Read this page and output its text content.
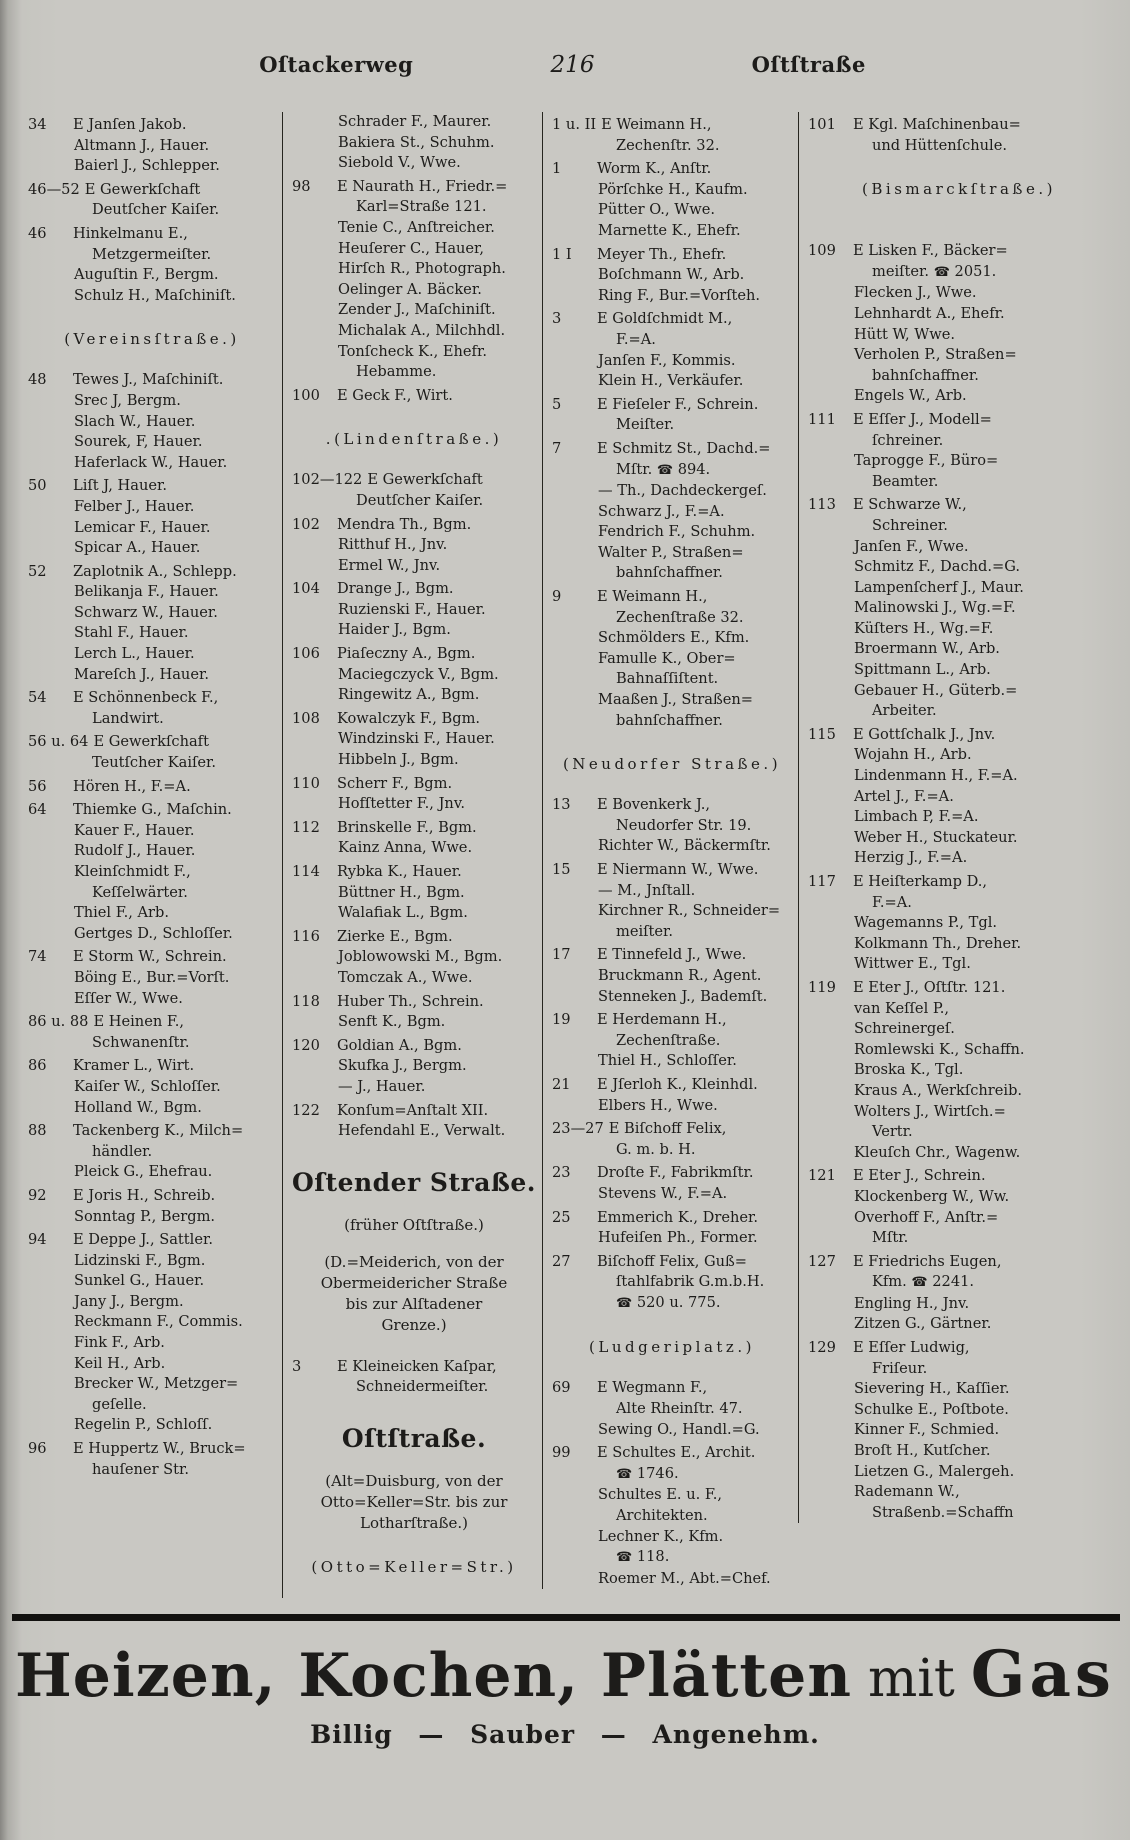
Oſtackerweg	216	Oſtſtraße
34 E Janſen Jakob.
Altmann J., Hauer.
Baierl J., Schlepper.
46—52 E Gewerkſchaft
Deutſcher Kaiſer.
46 Hinkelmanu E.,
Metzgermeiſter.
Auguſtin F., Bergm.
Schulz H., Maſchiniſt.
(Vereinsſtraße.)
48 Tewes J., Maſchiniſt.
Srec J, Bergm.
Slach W., Hauer.
Sourek, F, Hauer.
Haferlack W., Hauer.
50 Liſt J, Hauer.
Felber J., Hauer.
Lemicar F., Hauer.
Spicar A., Hauer.
52 Zaplotnik A., Schlepp.
Belikanja F., Hauer.
Schwarz W., Hauer.
Stahl F., Hauer.
Lerch L., Hauer.
Mareſch J., Hauer.
54 E Schönnenbeck F.,
Landwirt.
56 u. 64 E Gewerkſchaft
Teutſcher Kaiſer.
56 Hören H., F.=A.
64 Thiemke G., Maſchin.
Kauer F., Hauer.
Rudolf J., Hauer.
Kleinſchmidt F.,
Keſſelwärter.
Thiel F., Arb.
Gertges D., Schloſſer.
74 E Storm W., Schrein.
Böing E., Bur.=Vorſt.
Eſſer W., Wwe.
86 u. 88 E Heinen F.,
Schwanenſtr.
86 Kramer L., Wirt.
Kaiſer W., Schloſſer.
Holland W., Bgm.
88 Tackenberg K., Milch=
händler.
Pleick G., Ehefrau.
92 E Joris H., Schreib.
Sonntag P., Bergm.
94 E Deppe J., Sattler.
Lidzinski F., Bgm.
Sunkel G., Hauer.
Jany J., Bergm.
Reckmann F., Commis.
Fink F., Arb.
Keil H., Arb.
Brecker W., Metzger=
geſelle.
Regelin P., Schloſſ.
96 E Huppertz W., Bruck=
hauſener Str.
Schrader F., Maurer.
Bakiera St., Schuhm.
Siebold V., Wwe.
98 E Naurath H., Friedr.=
Karl=Straße 121.
Tenie C., Anſtreicher.
Heuſerer C., Hauer,
Hirſch R., Photograph.
Oelinger A. Bäcker.
Zender J., Maſchiniſt.
Michalak A., Milchhdl.
Tonſcheck K., Ehefr.
Hebamme.
100 E Geck F., Wirt.
.(Lindenſtraße.)
102—122 E Gewerkſchaft
Deutſcher Kaiſer.
102 Mendra Th., Bgm.
Ritthuf H., Jnv.
Ermel W., Jnv.
104 Drange J., Bgm.
Ruzienski F., Hauer.
Haider J., Bgm.
106 Piaſeczny A., Bgm.
Maciegczyck V., Bgm.
Ringewitz A., Bgm.
108 Kowalczyk F., Bgm.
Windzinski F., Hauer.
Hibbeln J., Bgm.
110 Scherr F., Bgm.
Hofſtetter F., Jnv.
112 Brinskelle F., Bgm.
Kainz Anna, Wwe.
114 Rybka K., Hauer.
Büttner H., Bgm.
Walafiak L., Bgm.
116 Zierke E., Bgm.
Joblowowski M., Bgm.
Tomczak A., Wwe.
118 Huber Th., Schrein.
Senft K., Bgm.
120 Goldian A., Bgm.
Skufka J., Bergm.
— J., Hauer.
122 Konſum=Anſtalt XII.
Hefendahl E., Verwalt.
Oſtender Straße.
(früher Oſtſtraße.)
(D.=Meiderich, von der
Obermeidericher Straße
bis zur Alſtadener
Grenze.)
3 E Kleineicken Kaſpar,
Schneidermeiſter.
Oſtſtraße.
(Alt=Duisburg, von der
Otto=Keller=Str. bis zur
Lotharſtraße.)
(Otto=Keller=Str.)
1 u. II E Weimann H.,
Zechenſtr. 32.
1 Worm K., Anſtr.
Pörſchke H., Kaufm.
Pütter O., Wwe.
Marnette K., Ehefr.
1 I Meyer Th., Ehefr.
Boſchmann W., Arb.
Ring F., Bur.=Vorſteh.
3 E Goldſchmidt M.,
F.=A.
Janſen F., Kommis.
Klein H., Verkäufer.
5 E Fieſeler F., Schrein.
Meiſter.
7 E Schmitz St., Dachd.=
Mſtr. ☎ 894.
— Th., Dachdeckergeſ.
Schwarz J., F.=A.
Fendrich F., Schuhm.
Walter P., Straßen=
bahnſchaffner.
9 E Weimann H.,
Zechenſtraße 32.
Schmölders E., Kfm.
Famulle K., Ober=
Bahnaſſiſtent.
Maaßen J., Straßen=
bahnſchaffner.
(Neudorfer Straße.)
13 E Bovenkerk J.,
Neudorfer Str. 19.
Richter W., Bäckermſtr.
15 E Niermann W., Wwe.
— M., Jnſtall.
Kirchner R., Schneider=
meiſter.
17 E Tinnefeld J., Wwe.
Bruckmann R., Agent.
Stenneken J., Bademſt.
19 E Herdemann H.,
Zechenſtraße.
Thiel H., Schloſſer.
21 E Jſerloh K., Kleinhdl.
Elbers H., Wwe.
23—27 E Biſchoff Felix,
G. m. b. H.
23 Droſte F., Fabrikmſtr.
Stevens W., F.=A.
25 Emmerich K., Dreher.
Hufeiſen Ph., Former.
27 Biſchoff Felix, Guß=
ſtahlfabrik G.m.b.H.
☎ 520 u. 775.
(Ludgeriplatz.)
69 E Wegmann F.,
Alte Rheinſtr. 47.
Sewing O., Handl.=G.
99 E Schultes E., Archit.
☎ 1746.
Schultes E. u. F.,
Architekten.
Lechner K., Kfm.
☎ 118.
Roemer M., Abt.=Chef.
101 E Kgl. Maſchinenbau=
und Hüttenſchule.
(Bismarckſtraße.)
109 E Lisken F., Bäcker=
meiſter. ☎ 2051.
Flecken J., Wwe.
Lehnhardt A., Ehefr.
Hütt W, Wwe.
Verholen P., Straßen=
bahnſchaffner.
Engels W., Arb.
111 E Eſſer J., Modell=
ſchreiner.
Taprogge F., Büro=
Beamter.
113 E Schwarze W.,
Schreiner.
Janſen F., Wwe.
Schmitz F., Dachd.=G.
Lampenſcherf J., Maur.
Malinowski J., Wg.=F.
Küſters H., Wg.=F.
Broermann W., Arb.
Spittmann L., Arb.
Gebauer H., Güterb.=
Arbeiter.
115 E Gottſchalk J., Jnv.
Wojahn H., Arb.
Lindenmann H., F.=A.
Artel J., F.=A.
Limbach P, F.=A.
Weber H., Stuckateur.
Herzig J., F.=A.
117 E Heiſterkamp D.,
F.=A.
Wagemanns P., Tgl.
Kolkmann Th., Dreher.
Wittwer E., Tgl.
119 E Eter J., Oſtſtr. 121.
van Keſſel P.,
Schreinergeſ.
Romlewski K., Schaffn.
Broska K., Tgl.
Kraus A., Werkſchreib.
Wolters J., Wirtſch.=
Vertr.
Kleuſch Chr., Wagenw.
121 E Eter J., Schrein.
Klockenberg W., Ww.
Overhoff F., Anſtr.=
Mſtr.
127 E Friedrichs Eugen,
Kfm. ☎ 2241.
Engling H., Jnv.
Zitzen G., Gärtner.
129 E Eſſer Ludwig,
Friſeur.
Sievering H., Kaſſier.
Schulke E., Poſtbote.
Kinner F., Schmied.
Broſt H., Kutſcher.
Lietzen G., Malergeh.
Rademann W.,
Straßenb.=Schaffn
Heizen, Kochen, Plätten mit Gas
Billig — Sauber — Angenehm.
